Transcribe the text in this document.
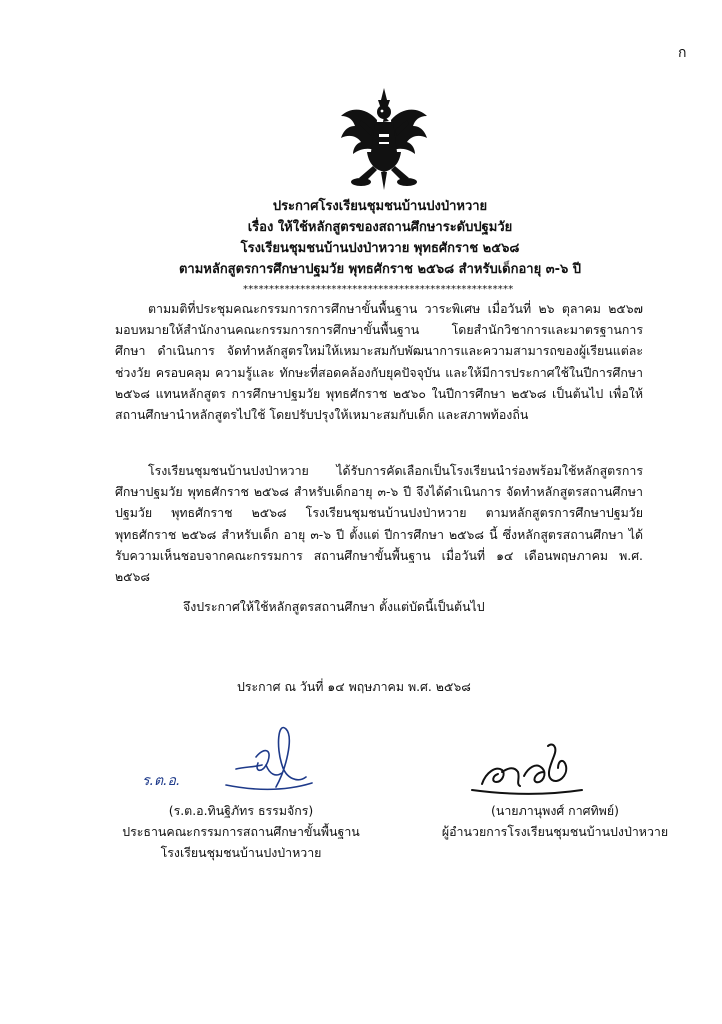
ก
ประกาศโรงเรียนชุมชนบ้านปงป่าหวาย
เรื่อง ให้ใช้หลักสูตรของสถานศึกษาระดับปฐมวัย
โรงเรียนชุมชนบ้านปงป่าหวาย พุทธศักราช ๒๕๖๘
ตามหลักสูตรการศึกษาปฐมวัย พุทธศักราช ๒๕๖๘ สำหรับเด็กอายุ ๓-๖ ปี
****************************************************

ตามมติที่ประชุมคณะกรรมการการศึกษาขั้นพื้นฐาน วาระพิเศษ เมื่อวันที่ ๒๖ ตุลาคม ๒๕๖๗ มอบหมายให้สำนักงานคณะกรรมการการศึกษาขั้นพื้นฐาน โดยสำนักวิชาการและมาตรฐานการศึกษา ดำเนินการ จัดทำหลักสูตรใหม่ให้เหมาะสมกับพัฒนาการและความสามารถของผู้เรียนแต่ละช่วงวัย ครอบคลุม ความรู้และ ทักษะที่สอดคล้องกับยุคปัจจุบัน และให้มีการประกาศใช้ในปีการศึกษา ๒๕๖๘ แทนหลักสูตร การศึกษาปฐมวัย พุทธศักราช ๒๕๖๐ ในปีการศึกษา ๒๕๖๘ เป็นต้นไป เพื่อให้สถานศึกษานำหลักสูตรไปใช้ โดยปรับปรุงให้เหมาะสมกับเด็ก และสภาพท้องถิ่น

โรงเรียนชุมชนบ้านปงป่าหวาย ได้รับการคัดเลือกเป็นโรงเรียนนำร่องพร้อมใช้หลักสูตรการศึกษาปฐมวัย พุทธศักราช ๒๕๖๘ สำหรับเด็กอายุ ๓-๖ ปี จึงได้ดำเนินการ จัดทำหลักสูตรสถานศึกษาปฐมวัย พุทธศักราช ๒๕๖๘ โรงเรียนชุมชนบ้านปงป่าหวาย ตามหลักสูตรการศึกษาปฐมวัยพุทธศักราช ๒๕๖๘ สำหรับเด็ก อายุ ๓-๖ ปี ตั้งแต่ ปีการศึกษา ๒๕๖๘ นี้ ซึ่งหลักสูตรสถานศึกษา ได้รับความเห็นชอบจากคณะกรรมการ สถานศึกษาขั้นพื้นฐาน เมื่อวันที่ ๑๔ เดือนพฤษภาคม พ.ศ. ๒๕๖๘

จึงประกาศให้ใช้หลักสูตรสถานศึกษา ตั้งแต่บัดนี้เป็นต้นไป
ประกาศ ณ วันที่ ๑๔ พฤษภาคม พ.ศ. ๒๕๖๘
ร.ต.อ.
(ร.ต.อ.ทินฐิภัทร ธรรมจักร)
ประธานคณะกรรมการสถานศึกษาขั้นพื้นฐาน
โรงเรียนชุมชนบ้านปงป่าหวาย
(นายภานุพงศ์ กาศทิพย์)
ผู้อำนวยการโรงเรียนชุมชนบ้านปงป่าหวาย
